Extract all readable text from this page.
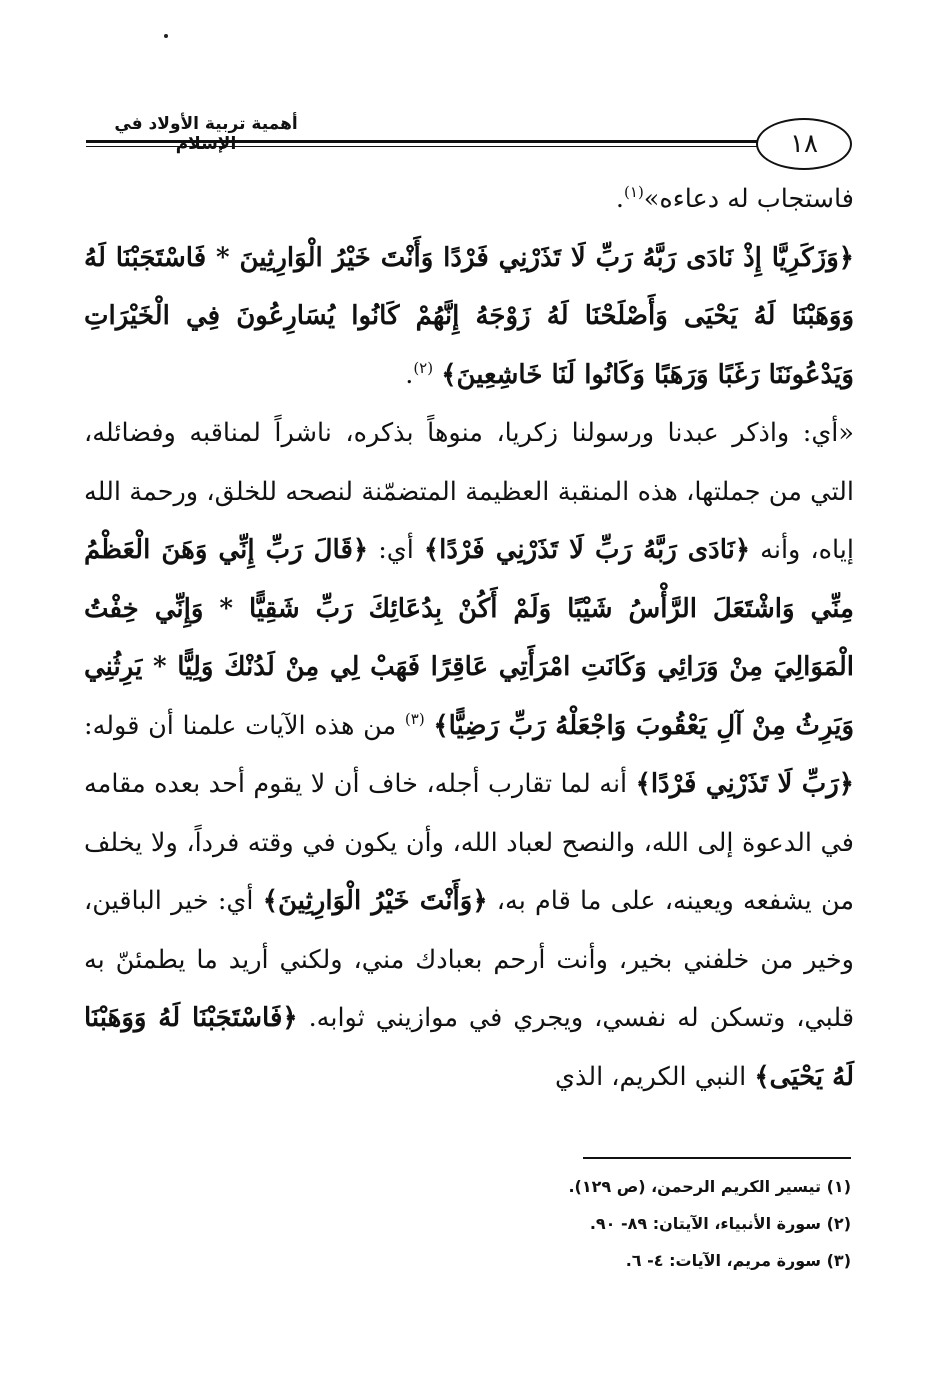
أهمية تربية الأولاد في الإسلام	١٨

فاستجاب له دعاءه»$^{(١)}$.

﴿وَزَكَرِيَّا إِذْ نَادَى رَبَّهُ رَبِّ لَا تَذَرْنِي فَرْدًا وَأَنْتَ خَيْرُ الْوَارِثِينَ * فَاسْتَجَبْنَا لَهُ وَوَهَبْنَا لَهُ يَحْيَى وَأَصْلَحْنَا لَهُ زَوْجَهُ إِنَّهُمْ كَانُوا يُسَارِعُونَ فِي الْخَيْرَاتِ وَيَدْعُونَنَا رَغَبًا وَرَهَبًا وَكَانُوا لَنَا خَاشِعِينَ﴾ $^{(٢)}$.

«أي: واذكر عبدنا ورسولنا زكريا، منوهاً بذكره، ناشراً لمناقبه وفضائله، التي من جملتها، هذه المنقبة العظيمة المتضمّنة لنصحه للخلق، ورحمة الله إياه، وأنه ﴿نَادَى رَبَّهُ رَبِّ لَا تَذَرْنِي فَرْدًا﴾ أي: ﴿قَالَ رَبِّ إِنِّي وَهَنَ الْعَظْمُ مِنِّي وَاشْتَعَلَ الرَّأْسُ شَيْبًا وَلَمْ أَكُنْ بِدُعَائِكَ رَبِّ شَقِيًّا * وَإِنِّي خِفْتُ الْمَوَالِيَ مِنْ وَرَائِي وَكَانَتِ امْرَأَتِي عَاقِرًا فَهَبْ لِي مِنْ لَدُنْكَ وَلِيًّا * يَرِثُنِي وَيَرِثُ مِنْ آلِ يَعْقُوبَ وَاجْعَلْهُ رَبِّ رَضِيًّا﴾ $^{(٣)}$ من هذه الآيات علمنا أن قوله: ﴿رَبِّ لَا تَذَرْنِي فَرْدًا﴾ أنه لما تقارب أجله، خاف أن لا يقوم أحد بعده مقامه في الدعوة إلى الله، والنصح لعباد الله، وأن يكون في وقته فرداً، ولا يخلف من يشفعه ويعينه، على ما قام به، ﴿وَأَنْتَ خَيْرُ الْوَارِثِينَ﴾ أي: خير الباقين، وخير من خلفني بخير، وأنت أرحم بعبادك مني، ولكني أريد ما يطمئنّ به قلبي، وتسكن له نفسي، ويجري في موازيني ثوابه. ﴿فَاسْتَجَبْنَا لَهُ وَوَهَبْنَا لَهُ يَحْيَى﴾ النبي الكريم، الذي

(١) تيسير الكريم الرحمن، (ص ١٢٩).
(٢) سورة الأنبياء، الآيتان: ٨٩- ٩٠.
(٣) سورة مريم، الآيات: ٤- ٦.
